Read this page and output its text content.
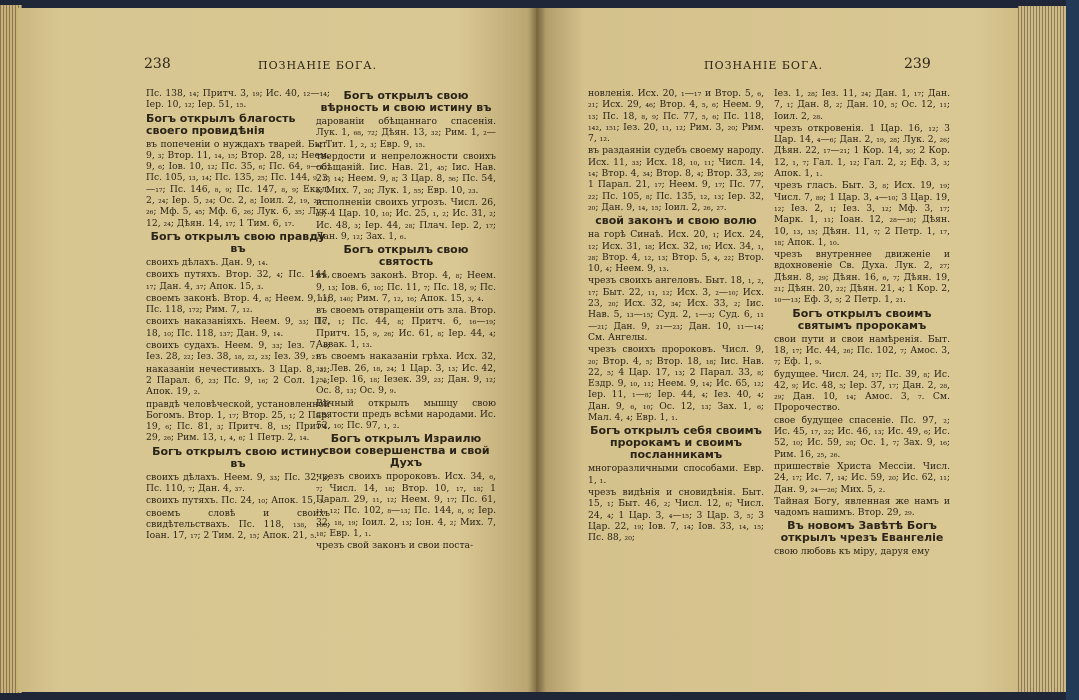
238	ПОЗНАНІЕ БОГА.

Пс. 138, ₁₄; Притч. 3, ₁₉; Ис. 40, ₁₂—₁₄; Іер. 10, ₁₂; Іер. 51, ₁₅.

Богъ открылъ благость своего провидѣнія

въ попеченіи о нуждахъ тварей. Быт. 9, ₃; Втор. 11, ₁₄, ₁₅; Втор. 28, ₁₂; Неем. 9, ₆; Іов. 10, ₁₂; Пс. 35, ₆; Пс. 64, ₉—₁₃; Пс. 105, ₁₃, ₁₄; Пс. 135, ₂₅; Пс. 144, ₉, ₁₅—₁₇; Пс. 146, ₈, ₉; Пс. 147, ₈, ₉; Еккл. 2, ₂₄; Іер. 5, ₂₄; Ос. 2, ₈; Іоил. 2, ₁₉, ₂₃—₂₆; Мф. 5, ₄₅; Мф. 6, ₂₆; Лук. 6, ₃₅; Лук. 12, ₂₄; Дѣян. 14, ₁₇; 1 Тим. 6, ₁₇.

Богъ открылъ свою правду въ

своихъ дѣлахъ. Дан. 9, ₁₄.

своихъ путяхъ. Втор. 32, ₄; Пс. 144, ₁₇; Дан. 4, ₃₇; Апок. 15, ₃.

своемъ законѣ. Втор. 4, ₈; Неем. 9, ₁₃; Пс. 118, ₁₇₂; Рим. 7, ₁₂.

своихъ наказаніяхъ. Неем. 9, ₃₃; Пс. 18, ₁₀; Пс. 118, ₁₃₇; Дан. 9, ₁₄.

своихъ судахъ. Неем. 9, ₃₃; Іез. 7, ₉; Іез. 28, ₂₂; Іез. 38, ₁₈, ₂₂, ₂₃; Іез. 39, ₂₁.

наказаніи нечестивыхъ. 3 Цар. 8, ₃₂; 2 Парал. 6, ₂₃; Пс. 9, ₁₆; 2 Сол. 1, ₆; Апок. 19, ₂.

правдѣ человѣческой, установленной Богомъ. Втор. 1, ₁₇; Втор. 25, ₁; 2 Пар. 19, ₆; Пс. 81, ₃; Притч. 8, ₁₅; Притч. 29, ₂₆; Рим. 13, ₁, ₄, ₆; 1 Петр. 2, ₁₄.

Богъ открылъ свою истину въ

своихъ дѣлахъ. Неем. 9, ₃₃; Пс. 32, ₄; Пс. 110, ₇; Дан. 4, ₃₇.

своихъ путяхъ. Пс. 24, ₁₀; Апок. 15, ₃.

своемъ словѣ и своихъ свидѣтельствахъ. Пс. 118, ₁₃₈, ₁₆₀; Іоан. 17, ₁₇; 2 Тим. 2, ₁₅; Апок. 21, ₅.

Богъ открылъ свою вѣрность и свою истину въ

дарованіи обѣщаннаго спасенія. Лук. 1, ₆₈, ₇₂; Дѣян. 13, ₃₂; Рим. 1, ₂—₄; Тит. 1, ₂, ₃; Евр. 9, ₁₅.

твердости и непреложности своихъ обѣщаній. Іис. Нав. 21, ₄₅; Іис. Нав. 23, ₁₄; Неем. 9, ₈; 3 Цар. 8, ₅₆; Пс. 54, ₆; Мих. 7, ₂₀; Лук. 1, ₅₅; Евр. 10, ₂₃.

исполненіи своихъ угрозъ. Числ. 26, ₆₅; 4 Цар. 10, ₁₀; Ис. 25, ₁, ₂; Ис. 31, ₂; Ис. 48, ₃; Іер. 44, ₂₈; Плач. Іер. 2, ₁₇; Дан. 9, ₁₂; Зах. 1, ₆.

Богъ открылъ свою святость

въ своемъ законѣ. Втор. 4, ₈; Неем. 9, ₁₃; Іов. 6, ₁₀; Пс. 11, ₇; Пс. 18, ₉; Пс. 118, ₁₄₀; Рим. 7, ₁₂, ₁₆; Апок. 15, ₃, ₄.

въ своемъ отвращеніи отъ зла. Втор. 17, ₁; Пс. 44, ₈; Притч. 6, ₁₆—₁₉; Притч. 15, ₉, ₂₆; Ис. 61, ₈; Іер. 44, ₄; Аввак. 1, ₁₃.

въ своемъ наказаніи грѣха. Исх. 32, ₃₃; Лев. 26, ₁₈, ₂₄; 1 Цар. 3, ₁₃; Ис. 42, ₂₅; Іер. 16, ₁₈; Іезек. 39, ₂₃; Дан. 9, ₁₂; Ос. 8, ₁₃; Ос. 9, ₉.

Вѣчный открылъ мышцу свою святости предъ всѣми народами. Ис. 52, ₁₀; Пс. 97, ₁, ₂.

Богъ открылъ Израилю свои совершенства и свой Духъ

чрезъ своихъ пророковъ. Исх. 34, ₆, ₇; Числ. 14, ₁₈; Втор. 10, ₁₇, ₁₈; 1 Парал. 29, ₁₁, ₁₂; Неем. 9, ₁₇; Пс. 61, ₁₁, ₁₂; Пс. 102, ₈—₁₃; Пс. 144, ₈, ₉; Іер. 32, ₁₈, ₁₉; Іоил. 2, ₁₃; Іон. 4, ₂; Мих. 7, ₁₈; Евр. 1, ₁.

чрезъ свой законъ и свои поста-

ПОЗНАНІЕ БОГА.	239

новленія. Исх. 20, ₁—₁₇ и Втор. 5, ₆, ₂₁; Исх. 29, ₄₆; Втор. 4, ₅, ₆; Неем. 9, ₁₃; Пс. 18, ₈, ₉; Пс. 77, ₅, ₆; Пс. 118, ₁₄₂, ₁₅₁; Іез. 20, ₁₁, ₁₂; Рим. 3, ₂₀; Рим. 7, ₁₂.

въ раздаяніи судебъ своему народу. Исх. 11, ₃₃; Исх. 18, ₁₀, ₁₁; Числ. 14, ₁₄; Втор. 4, ₃₄; Втор. 8, ₄; Втор. 33, ₂₉; 1 Парал. 21, ₁₇; Неем. 9, ₁₇; Пс. 77, ₂₂; Пс. 105, ₈; Пс. 135, ₁₂, ₁₃; Іер. 32, ₂₀; Дан. 9, ₁₄, ₁₅; Іоил. 2, ₂₆, ₂₇.

свой законъ и свою волю

на горѣ Синаѣ. Исх. 20, ₁; Исх. 24, ₁₂; Исх. 31, ₁₈; Исх. 32, ₁₆; Исх. 34, ₁, ₂₈; Втор. 4, ₁₂, ₁₃; Втор. 5, ₄, ₂₂; Втор. 10, ₄; Неем. 9, ₁₃.

чрезъ своихъ ангеловъ. Быт. 18, ₁, ₂, ₁₇; Быт. 22, ₁₁, ₁₂; Исх. 3, ₂—₁₀; Исх. 23, ₂₀; Исх. 32, ₃₄; Исх. 33, ₂; Іис. Нав. 5, ₁₃—₁₅; Суд. 2, ₁—₃; Суд. 6, ₁₁—₂₁; Дан. 9, ₂₁—₂₃; Дан. 10, ₁₁—₁₄; См. Ангелы.

чрезъ своихъ пророковъ. Числ. 9, ₂₀; Втор. 4, ₅; Втор. 18, ₁₈; Іис. Нав. 22, ₅; 4 Цар. 17, ₁₃; 2 Парал. 33, ₈; Ездр. 9, ₁₀, ₁₁; Неем. 9, ₁₄; Ис. 65, ₁₂; Іер. 11, ₁—₈; Іер. 44, ₄; Іез. 40, ₄; Дан. 9, ₆, ₁₀; Ос. 12, ₁₃; Зах. 1, ₆; Мал. 4, ₄; Евр. 1, ₁.

Богъ открылъ себя своимъ пророкамъ и своимъ посланникамъ

многоразличными способами. Евр. 1, ₁.

чрезъ видѣнія и сновидѣнія. Быт. 15, ₁; Быт. 46, ₂; Числ. 12, ₆; Числ. 24, ₄; 1 Цар. 3, ₄—₁₅; 3 Цар. 3, ₅; 3 Цар. 22, ₁₉; Іов. 7, ₁₄; Іов. 33, ₁₄, ₁₅; Пс. 88, ₂₀;

Іез. 1, ₂₈; Іез. 11, ₂₄; Дан. 1, ₁₇; Дан. 7, ₁; Дан. 8, ₂; Дан. 10, ₅; Ос. 12, ₁₁; Іоил. 2, ₂₈.

чрезъ откровенія. 1 Цар. 16, ₁₂; 3 Цар. 14, ₄—₆; Дан. 2, ₁₉, ₂₈; Лук. 2, ₂₆; Дѣян. 22, ₁₇—₂₁; 1 Кор. 14, ₃₀; 2 Кор. 12, ₁, ₇; Гал. 1, ₁₂; Гал. 2, ₂; Еф. 3, ₃; Апок. 1, ₁.

чрезъ гласъ. Быт. 3, ₈; Исх. 19, ₁₉; Числ. 7, ₈₉; 1 Цар. 3, ₄—₁₀; 3 Цар. 19, ₁₂; Іез. 2, ₁; Іез. 3, ₁₂; Мф. 3, ₁₇; Марк. 1, ₁₁; Іоан. 12, ₂₈—₃₀; Дѣян. 10, ₁₃, ₁₅; Дѣян. 11, ₇; 2 Петр. 1, ₁₇, ₁₈; Апок. 1, ₁₀.

чрезъ внутреннее движеніе и вдохновеніе Св. Духа. Лук. 2, ₂₇; Дѣян. 8, ₂₉; Дѣян. 16, ₆, ₇; Дѣян. 19, ₂₁; Дѣян. 20, ₂₂; Дѣян. 21, ₄; 1 Кор. 2, ₁₀—₁₃; Еф. 3, ₅; 2 Петр. 1, ₂₁.

Богъ открылъ своимъ святымъ пророкамъ

свои пути и свои намѣренія. Быт. 18, ₁₇; Ис. 44, ₂₆; Пс. 102, ₇; Амос. 3, ₇; Еф. 1, ₉.

будущее. Числ. 24, ₁₇; Пс. 39, ₈; Ис. 42, ₉; Ис. 48, ₅; Іер. 37, ₁₇; Дан. 2, ₂₈, ₂₉; Дан. 10, ₁₄; Амос. 3, ₇. См. Пророчество.

свое будущее спасеніе. Пс. 97, ₂; Ис. 45, ₁₇, ₂₂; Ис. 46, ₁₃; Ис. 49, ₆; Ис. 52, ₁₀; Ис. 59, ₂₀; Ос. 1, ₇; Зах. 9, ₁₆; Рим. 16, ₂₅, ₂₆.

пришествіе Христа Мессіи. Числ. 24, ₁₇; Ис. 7, ₁₄; Ис. 59, ₂₀; Ис. 62, ₁₁; Дан. 9, ₂₄—₂₆; Мих. 5, ₂.

Тайная Богу, явленная же намъ и чадомъ нашимъ. Втор. 29, ₂₉.

Въ новомъ Завѣтѣ Богъ открылъ чрезъ Евангеліе

свою любовь къ міру, даруя ему
